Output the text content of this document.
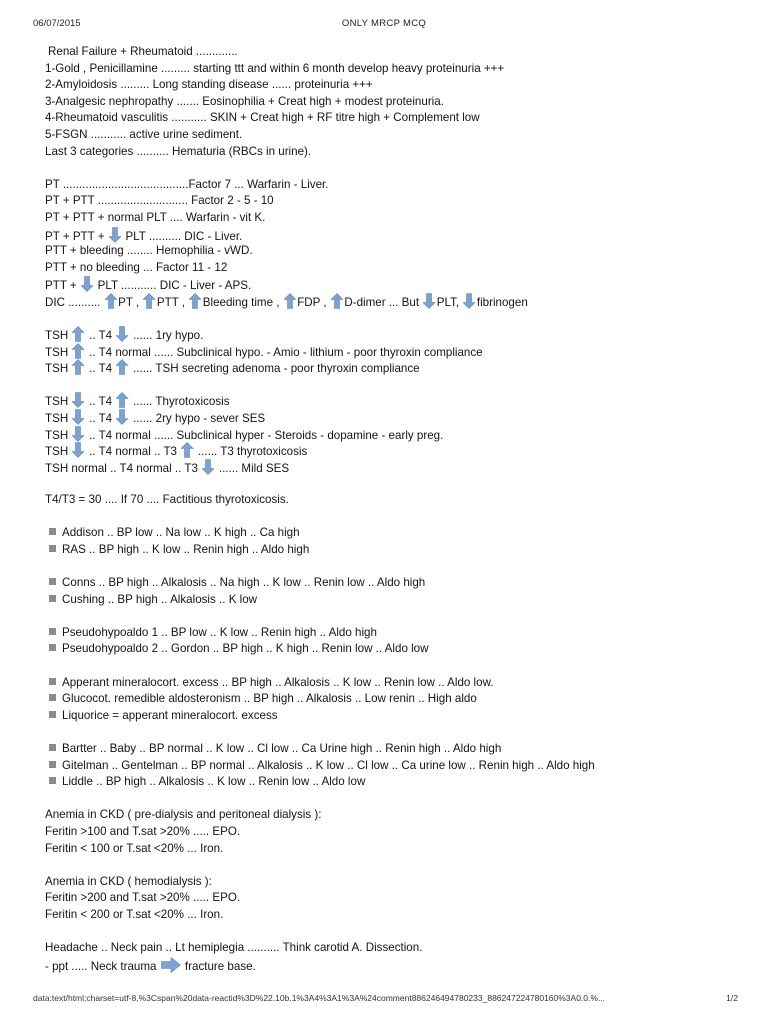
06/07/2015	ONLY MRCP MCQ
Renal Failure + Rheumatoid .............
1-Gold , Penicillamine ......... starting ttt and within 6 month develop heavy proteinuria +++
2-Amyloidosis ......... Long standing disease ...... proteinuria +++
3-Analgesic nephropathy ....... Eosinophilia + Creat high + modest proteinuria.
4-Rheumatoid vasculitis ........... SKIN + Creat high + RF titre high + Complement low
5-FSGN ........... active urine sediment.
Last 3 categories .......... Hematuria (RBCs in urine).
PT .......................................Factor 7 ... Warfarin - Liver.
PT + PTT ............................ Factor 2 - 5 - 10
PT + PTT + normal PLT .... Warfarin - vit K.
PT + PTT +  PLT .......... DIC - Liver.
PTT + bleeding ........ Hemophilia - vWD.
PTT + no bleeding ... Factor 11 - 12
PTT +  PLT ........... DIC - Liver - APS.
DIC .......... PT , PTT , Bleeding time , FDP , D-dimer ... But PLT, fibrinogen
TSH  .. T4  ...... 1ry hypo.
TSH  .. T4 normal ...... Subclinical hypo. - Amio - lithium - poor thyroxin compliance
TSH  .. T4  ...... TSH secreting adenoma - poor thyroxin compliance
TSH  .. T4  ...... Thyrotoxicosis
TSH  .. T4  ...... 2ry hypo - sever SES
TSH  .. T4 normal ...... Subclinical hyper - Steroids - dopamine - early preg.
TSH  .. T4 normal .. T3  ...... T3 thyrotoxicosis
TSH normal .. T4 normal .. T3  ...... Mild SES
T4/T3 = 30 .... If 70 .... Factitious thyrotoxicosis.
Addison .. BP low .. Na low .. K high .. Ca high
RAS .. BP high .. K low .. Renin high .. Aldo high
Conns .. BP high .. Alkalosis .. Na high .. K low .. Renin low .. Aldo high
Cushing .. BP high .. Alkalosis .. K low
Pseudohypoaldo 1 .. BP low .. K low .. Renin high .. Aldo high
Pseudohypoaldo 2 .. Gordon .. BP high .. K high .. Renin low .. Aldo low
Apperant mineralocort. excess .. BP high .. Alkalosis .. K low .. Renin low .. Aldo low.
Glucocot. remedible aldosteronism .. BP high .. Alkalosis .. Low renin .. High aldo
Liquorice = apperant mineralocort. excess
Bartter .. Baby .. BP normal .. K low .. Cl low .. Ca Urine high .. Renin high .. Aldo high
Gitelman .. Gentelman .. BP normal .. Alkalosis .. K low .. Cl low .. Ca urine low .. Renin high .. Aldo high
Liddle .. BP high .. Alkalosis .. K low .. Renin low .. Aldo low
Anemia in CKD ( pre-dialysis and peritoneal dialysis ):
Feritin >100 and T.sat >20% ..... EPO.
Feritin < 100 or T.sat <20% ... Iron.
Anemia in CKD ( hemodialysis ):
Feritin >200 and T.sat >20% ..... EPO.
Feritin < 200 or T.sat <20% ... Iron.
Headache .. Neck pain .. Lt hemiplegia .......... Think carotid A. Dissection.
- ppt ..... Neck trauma  fracture base.
data:text/html;charset=utf-8,%3Cspan%20data-reactid%3D%22.10b.1%3A4%3A1%3A%24comment886246494780233_886247224780160%3A0.0.%...	1/2
